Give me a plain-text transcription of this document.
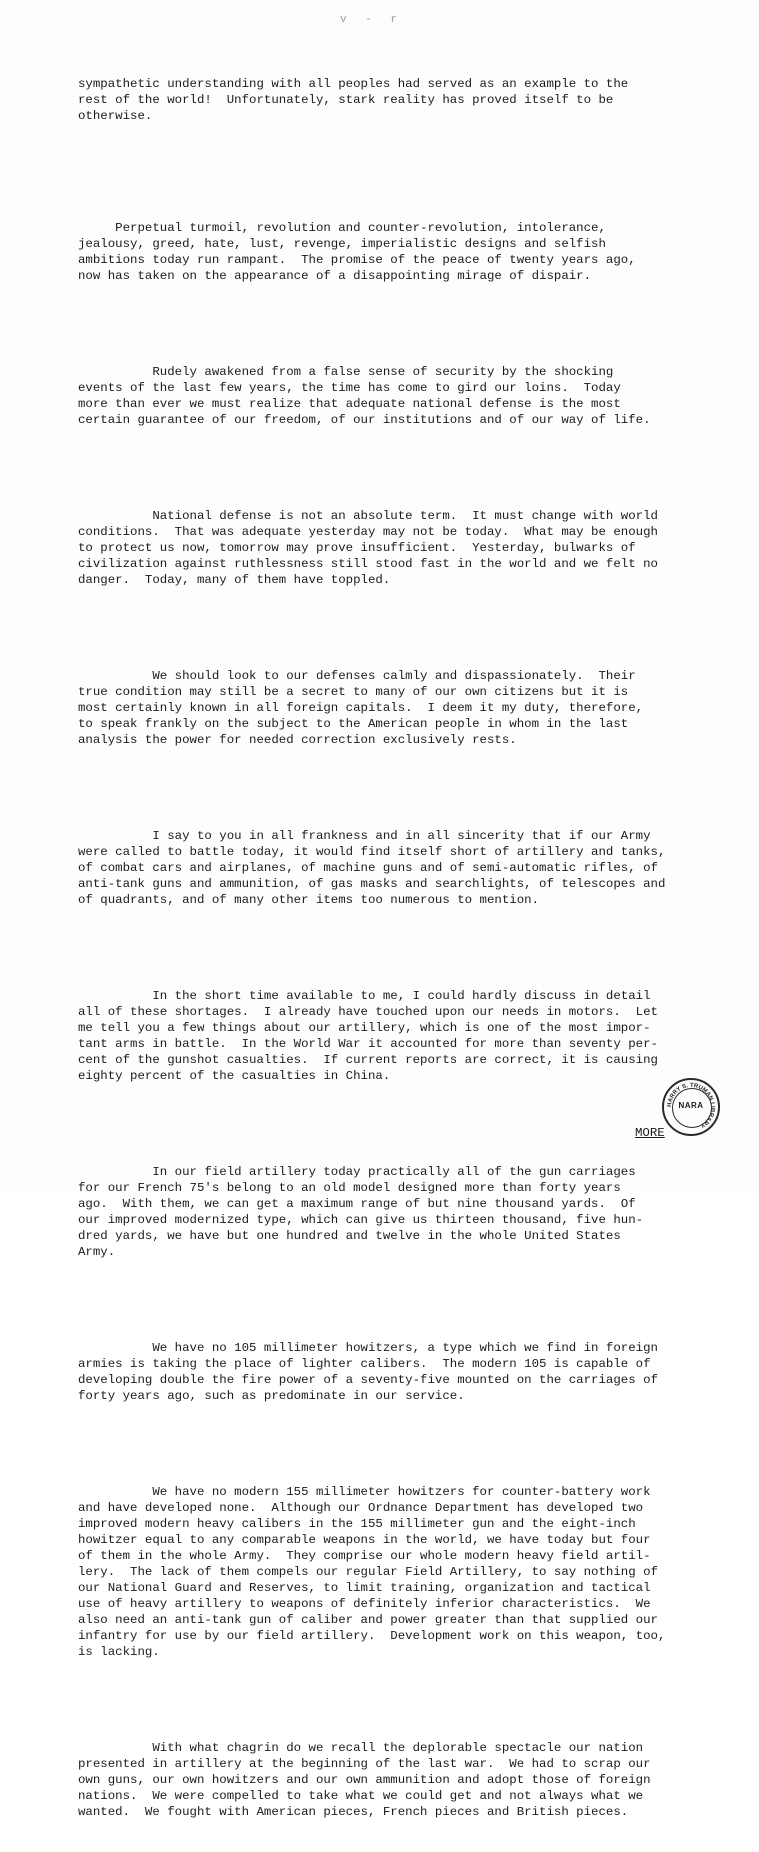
v - r

sympathetic understanding with all peoples had served as an example to the
rest of the world!  Unfortunately, stark reality has proved itself to be
otherwise.

Perpetual turmoil, revolution and counter-revolution, intolerance,
jealousy, greed, hate, lust, revenge, imperialistic designs and selfish
ambitions today run rampant.  The promise of the peace of twenty years ago,
now has taken on the appearance of a disappointing mirage of dispair.

Rudely awakened from a false sense of security by the shocking
events of the last few years, the time has come to gird our loins.  Today
more than ever we must realize that adequate national defense is the most
certain guarantee of our freedom, of our institutions and of our way of life.

National defense is not an absolute term.  It must change with world
conditions.  That was adequate yesterday may not be today.  What may be enough
to protect us now, tomorrow may prove insufficient.  Yesterday, bulwarks of
civilization against ruthlessness still stood fast in the world and we felt no
danger.  Today, many of them have toppled.

We should look to our defenses calmly and dispassionately.  Their
true condition may still be a secret to many of our own citizens but it is
most certainly known in all foreign capitals.  I deem it my duty, therefore,
to speak frankly on the subject to the American people in whom in the last
analysis the power for needed correction exclusively rests.

I say to you in all frankness and in all sincerity that if our Army
were called to battle today, it would find itself short of artillery and tanks,
of combat cars and airplanes, of machine guns and of semi-automatic rifles, of
anti-tank guns and ammunition, of gas masks and searchlights, of telescopes and
of quadrants, and of many other items too numerous to mention.

In the short time available to me, I could hardly discuss in detail
all of these shortages.  I already have touched upon our needs in motors.  Let
me tell you a few things about our artillery, which is one of the most impor-
tant arms in battle.  In the World War it accounted for more than seventy per-
cent of the gunshot casualties.  If current reports are correct, it is causing
eighty percent of the casualties in China.

In our field artillery today practically all of the gun carriages
for our French 75's belong to an old model designed more than forty years
ago.  With them, we can get a maximum range of but nine thousand yards.  Of
our improved modernized type, which can give us thirteen thousand, five hun-
dred yards, we have but one hundred and twelve in the whole United States
Army.

We have no 105 millimeter howitzers, a type which we find in foreign
armies is taking the place of lighter calibers.  The modern 105 is capable of
developing double the fire power of a seventy-five mounted on the carriages of
forty years ago, such as predominate in our service.

We have no modern 155 millimeter howitzers for counter-battery work
and have developed none.  Although our Ordnance Department has developed two
improved modern heavy calibers in the 155 millimeter gun and the eight-inch
howitzer equal to any comparable weapons in the world, we have today but four
of them in the whole Army.  They comprise our whole modern heavy field artil-
lery.  The lack of them compels our regular Field Artillery, to say nothing of
our National Guard and Reserves, to limit training, organization and tactical
use of heavy artillery to weapons of definitely inferior characteristics.  We
also need an anti-tank gun of caliber and power greater than that supplied our
infantry for use by our field artillery.  Development work on this weapon, too,
is lacking.

With what chagrin do we recall the deplorable spectacle our nation
presented in artillery at the beginning of the last war.  We had to scrap our
own guns, our own howitzers and our own ammunition and adopt those of foreign
nations.  We were compelled to take what we could get and not always what we
wanted.  We fought with American pieces, French pieces and British pieces.

HARRY S. TRUMAN LIBRARY
NARA
MORE
